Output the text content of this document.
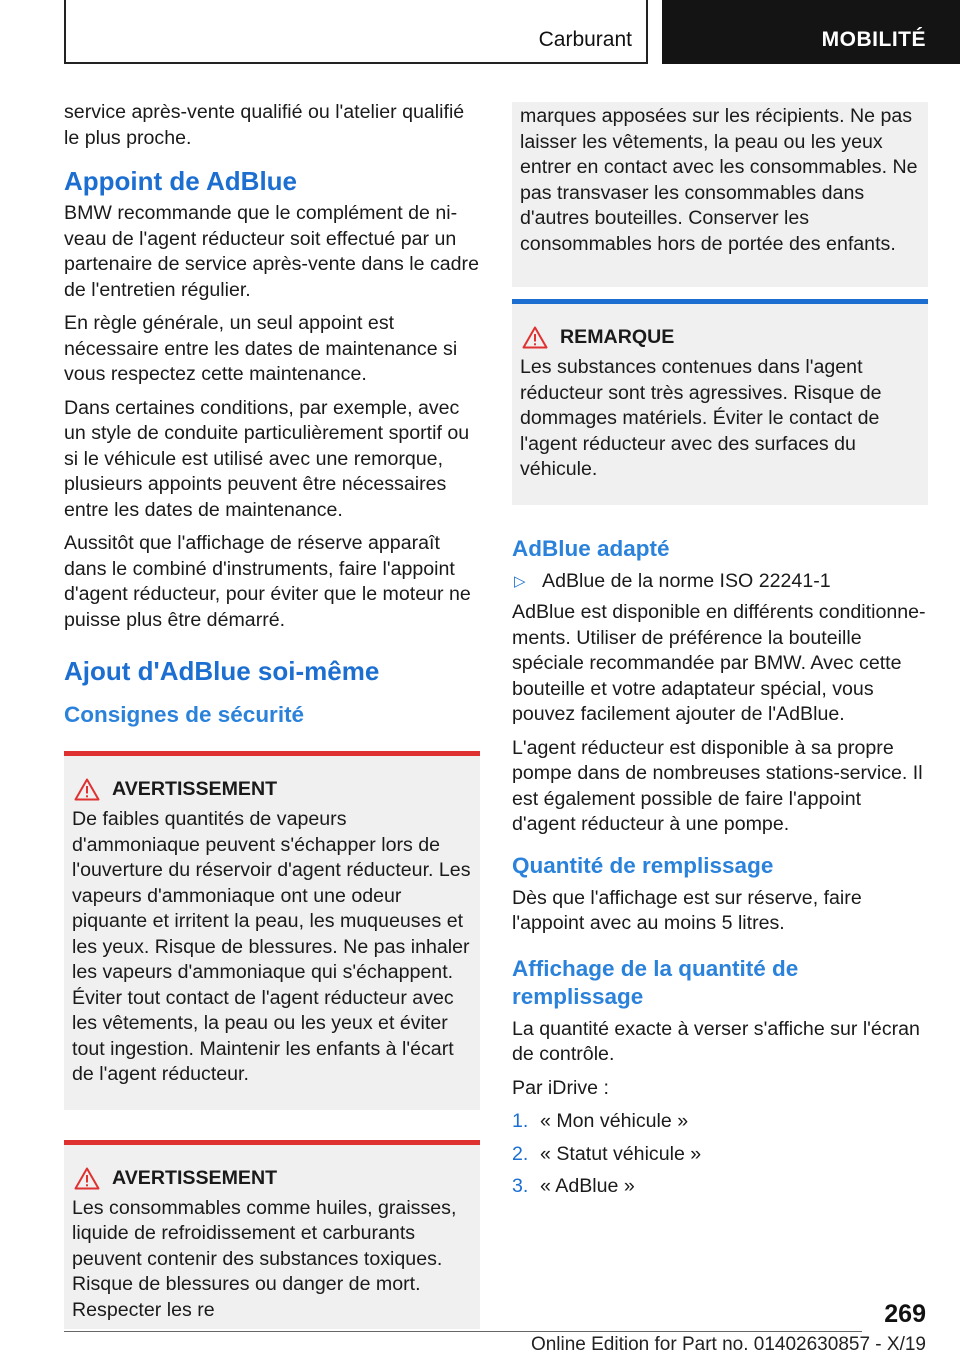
Carburant	MOBILITÉ

service après-vente qualifié ou l'atelier qualifié le plus proche.

Appoint de AdBlue

BMW recommande que le complément de niveau de l'agent réducteur soit effectué par un partenaire de service après-vente dans le cadre de l'entretien régulier.

En règle générale, un seul appoint est nécessaire entre les dates de maintenance si vous respectez cette maintenance.

Dans certaines conditions, par exemple, avec un style de conduite particulièrement sportif ou si le véhicule est utilisé avec une remorque, plusieurs appoints peuvent être nécessaires entre les dates de maintenance.

Aussitôt que l'affichage de réserve apparaît dans le combiné d'instruments, faire l'appoint d'agent réducteur, pour éviter que le moteur ne puisse plus être démarré.

Ajout d'AdBlue soi-même
Consignes de sécurité
AVERTISSEMENT

De faibles quantités de vapeurs d'ammoniaque peuvent s'échapper lors de l'ouverture du réservoir d'agent réducteur. Les vapeurs d'ammoniaque ont une odeur piquante et irritent la peau, les muqueuses et les yeux. Risque de blessures. Ne pas inhaler les vapeurs d'ammoniaque qui s'échappent. Éviter tout contact de l'agent réducteur avec les vêtements, la peau ou les yeux et éviter tout ingestion. Maintenir les enfants à l'écart de l'agent réducteur.

AVERTISSEMENT

Les consommables comme huiles, graisses, liquide de refroidissement et carburants peuvent contenir des substances toxiques. Risque de blessures ou danger de mort. Respecter les re

marques apposées sur les récipients. Ne pas laisser les vêtements, la peau ou les yeux entrer en contact avec les consommables. Ne pas transvaser les consommables dans d'autres bouteilles. Conserver les consommables hors de portée des enfants.

REMARQUE

Les substances contenues dans l'agent réducteur sont très agressives. Risque de dommages matériels. Éviter le contact de l'agent réducteur avec des surfaces du véhicule.

AdBlue adapté
▷ AdBlue de la norme ISO 22241-1

AdBlue est disponible en différents conditionnements. Utiliser de préférence la bouteille spéciale recommandée par BMW. Avec cette bouteille et votre adaptateur spécial, vous pouvez facilement ajouter de l'AdBlue.

L'agent réducteur est disponible à sa propre pompe dans de nombreuses stations-service. Il est également possible de faire l'appoint d'agent réducteur à une pompe.

Quantité de remplissage

Dès que l'affichage est sur réserve, faire l'appoint avec au moins 5 litres.

Affichage de la quantité de remplissage

La quantité exacte à verser s'affiche sur l'écran de contrôle.

Par iDrive :

1. « Mon véhicule »
2. « Statut véhicule »
3. « AdBlue »
269
Online Edition for Part no. 01402630857 - X/19
